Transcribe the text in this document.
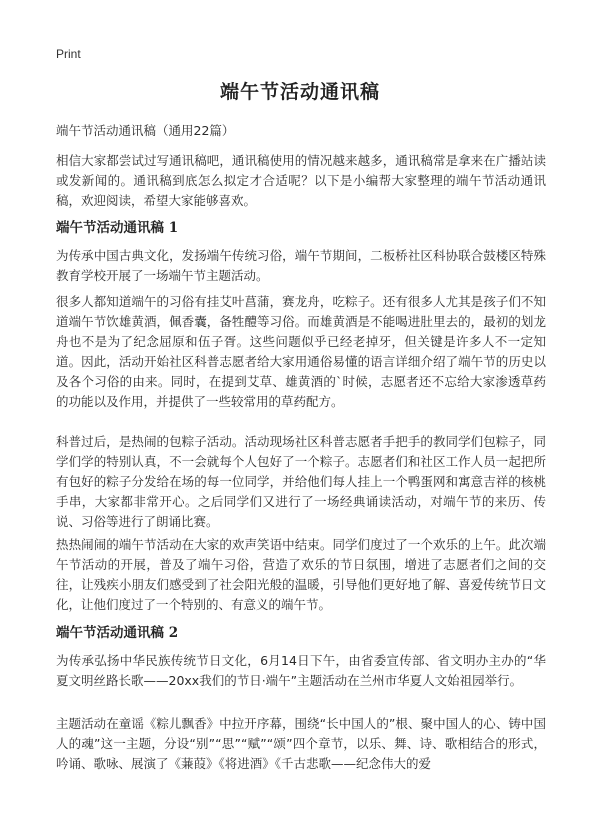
Print
端午节活动通讯稿
端午节活动通讯稿（通用22篇）
相信大家都尝试过写通讯稿吧，通讯稿使用的情况越来越多，通讯稿常是拿来在广播站读或发新闻的。通讯稿到底怎么拟定才合适呢？以下是小编帮大家整理的端午节活动通讯稿，欢迎阅读，希望大家能够喜欢。
端午节活动通讯稿 1
为传承中国古典文化，发扬端午传统习俗，端午节期间，二板桥社区科协联合鼓楼区特殊教育学校开展了一场端午节主题活动。
很多人都知道端午的习俗有挂艾叶菖蒲，赛龙舟，吃粽子。还有很多人尤其是孩子们不知道端午节饮雄黄酒，佩香囊，备牲醴等习俗。而雄黄酒是不能喝进肚里去的，最初的划龙舟也不是为了纪念屈原和伍子胥。这些问题似乎已经老掉牙，但关键是许多人不一定知道。因此，活动开始社区科普志愿者给大家用通俗易懂的语言详细介绍了端午节的历史以及各个习俗的由来。同时，在提到艾草、雄黄酒的`时候，志愿者还不忘给大家渗透草药的功能以及作用，并提供了一些较常用的草药配方。
科普过后，是热闹的包粽子活动。活动现场社区科普志愿者手把手的教同学们包粽子，同学们学的特别认真，不一会就每个人包好了一个粽子。志愿者们和社区工作人员一起把所有包好的粽子分发给在场的每一位同学，并给他们每人挂上一个鸭蛋网和寓意吉祥的核桃手串，大家都非常开心。之后同学们又进行了一场经典诵读活动，对端午节的来历、传说、习俗等进行了朗诵比赛。
热热闹闹的端午节活动在大家的欢声笑语中结束。同学们度过了一个欢乐的上午。此次端午节活动的开展，普及了端午习俗，营造了欢乐的节日氛围，增进了志愿者们之间的交往，让残疾小朋友们感受到了社会阳光般的温暖，引导他们更好地了解、喜爱传统节日文化，让他们度过了一个特别的、有意义的端午节。
端午节活动通讯稿 2
为传承弘扬中华民族传统节日文化，6月14日下午，由省委宣传部、省文明办主办的“华夏文明丝路长歌——20xx我们的节日·端午”主题活动在兰州市华夏人文始祖园举行。
主题活动在童谣《粽儿飘香》中拉开序幕，围绕“长中国人的”根、聚中国人的心、铸中国人的魂”这一主题，分设“别”“思”“赋”“颂”四个章节，以乐、舞、诗、歌相结合的形式，吟诵、歌咏、展演了《蒹葭》《将进酒》《千古悲歌——纪念伟大的爱
